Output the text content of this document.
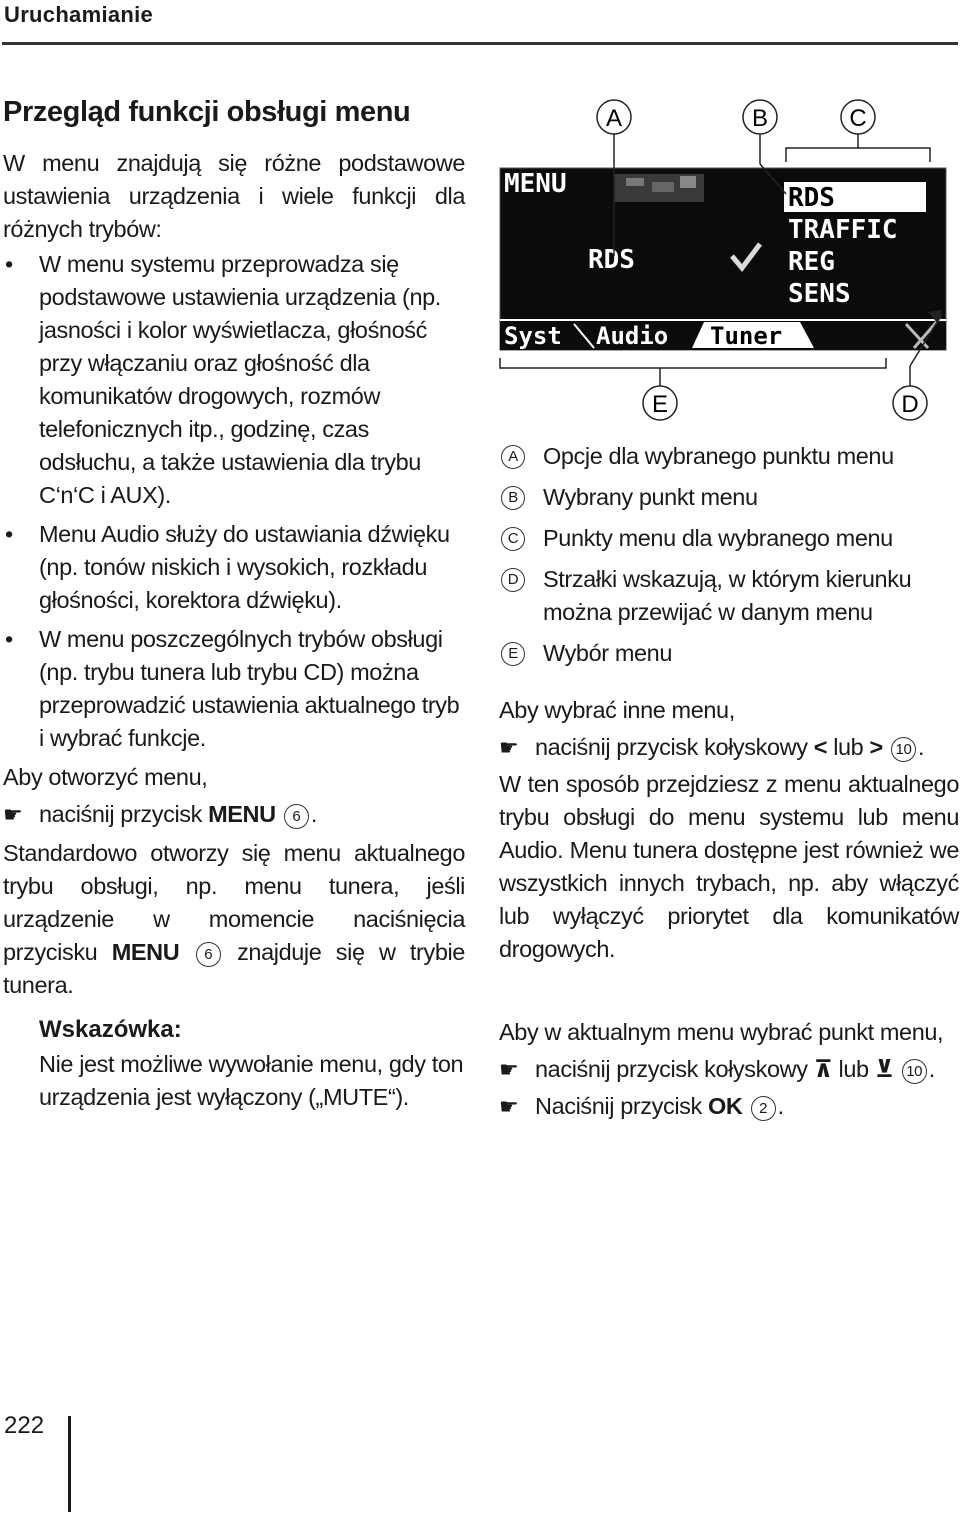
Uruchamianie
Przegląd funkcji obsługi menu

W menu znajdują się różne podstawowe ustawienia urządzenia i wiele funkcji dla różnych trybów:

• W menu systemu przeprowadza się podstawowe ustawienia urządzenia (np. jasności i kolor wyświetlacza, głośność przy włączaniu oraz głośność dla komunikatów drogowych, rozmów telefonicznych itp., godzinę, czas odsłuchu, a także ustawienia dla trybu C‘n‘C i AUX).
• Menu Audio służy do ustawiania dźwięku (np. tonów niskich i wysokich, rozkładu głośności, korektora dźwięku).
• W menu poszczególnych trybów obsługi (np. trybu tunera lub trybu CD) można przeprowadzić ustawienia aktualnego tryb i wybrać funkcje.

Aby otworzyć menu,

☛ naciśnij przycisk MENU 6 .

Standardowo otworzy się menu aktualnego trybu obsługi, np. menu tunera, jeśli urządzenie w momencie naciśnięcia przycisku MENU 6 znajduje się w trybie tunera.

Wskazówka:
Nie jest możliwe wywołanie menu, gdy ton urządzenia jest wyłączony („MUTE“).
A	B	C
E	D
MENU
RDS
RDS
TRAFFIC
REG
SENS
Syst Audio Tuner
A	Opcje dla wybranego punktu menu
B	Wybrany punkt menu
C Punkty menu dla wybranego menu
D Strzałki wskazują, w którym kierunku można przewijać w danym menu
E	Wybór menu

Aby wybrać inne menu,

☛ naciśnij przycisk kołyskowy < lub > 10 .

W ten sposób przejdziesz z menu aktualnego trybu obsługi do menu systemu lub menu Audio. Menu tunera dostępne jest również we wszystkich innych trybach, np. aby włączyć lub wyłączyć priorytet dla komunikatów drogowych.

Aby w aktualnym menu wybrać punkt menu,

☛ naciśnij przycisk kołyskowy ⊼ lub ⊻ 10 .
☛ Naciśnij przycisk OK 2 .
222
